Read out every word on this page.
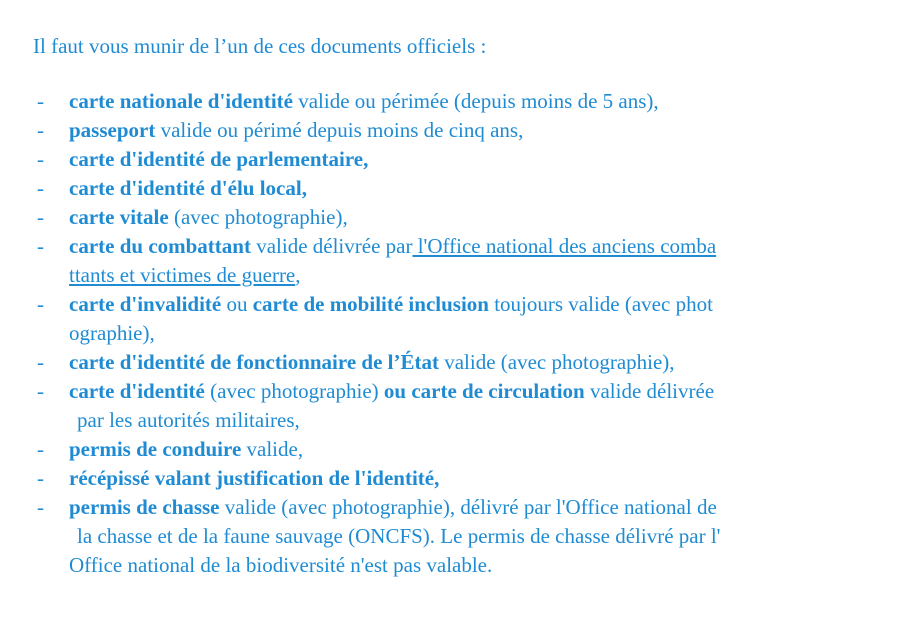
Il faut vous munir de l’un de ces documents officiels :
- carte nationale d'identité valide ou périmée (depuis moins de 5 ans),
- passeport valide ou périmé depuis moins de cinq ans,
- carte d'identité de parlementaire,
- carte d'identité d'élu local,
- carte vitale (avec photographie),
- carte du combattant valide délivrée par l'Office national des anciens comba
ttants et victimes de guerre,
- carte d'invalidité ou carte de mobilité inclusion toujours valide (avec phot
ographie),
- carte d'identité de fonctionnaire de l’État valide (avec photographie),
- carte d'identité (avec photographie) ou carte de circulation valide délivrée
par les autorités militaires,
- permis de conduire valide,
- récépissé valant justification de l'identité,
- permis de chasse valide (avec photographie), délivré par l'Office national de
la chasse et de la faune sauvage (ONCFS). Le permis de chasse délivré par l'
Office national de la biodiversité n'est pas valable.
